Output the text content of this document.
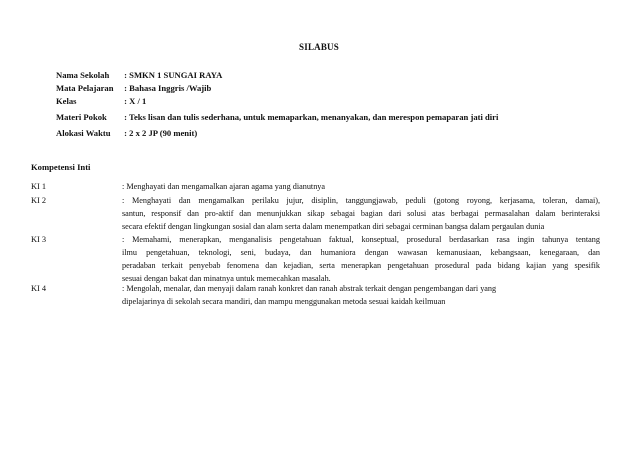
SILABUS
Nama Sekolah : SMKN 1 SUNGAI RAYA
Mata Pelajaran : Bahasa Inggris /Wajib
Kelas	: X / 1
Materi Pokok : Teks lisan dan tulis sederhana, untuk memaparkan, menanyakan, dan merespon pemaparan jati diri
Alokasi Waktu : 2 x 2 JP (90 menit)
Kompetensi Inti
KI 1	: Menghayati dan mengamalkan ajaran agama yang dianutnya
KI 2	: Menghayati dan mengamalkan perilaku jujur, disiplin, tanggungjawab, peduli (gotong royong, kerjasama, toleran, damai),
santun, responsif dan pro-aktif dan menunjukkan sikap sebagai bagian dari solusi atas berbagai permasalahan dalam berinteraksi
secara efektif dengan lingkungan sosial dan alam serta dalam menempatkan diri sebagai cerminan bangsa dalam pergaulan dunia
KI 3	: Memahami, menerapkan, menganalisis pengetahuan faktual, konseptual, prosedural berdasarkan rasa ingin tahunya tentang
ilmu pengetahuan, teknologi, seni, budaya, dan humaniora dengan wawasan kemanusiaan, kebangsaan, kenegaraan, dan
peradaban terkait penyebab fenomena dan kejadian, serta menerapkan pengetahuan prosedural pada bidang kajian yang spesifik
sesuai dengan bakat dan minatnya untuk memecahkan masalah.
KI 4	: Mengolah, menalar, dan menyaji dalam ranah konkret dan ranah abstrak terkait dengan pengembangan dari yang
dipelajarinya di sekolah secara mandiri, dan mampu menggunakan metoda sesuai kaidah keilmuan
